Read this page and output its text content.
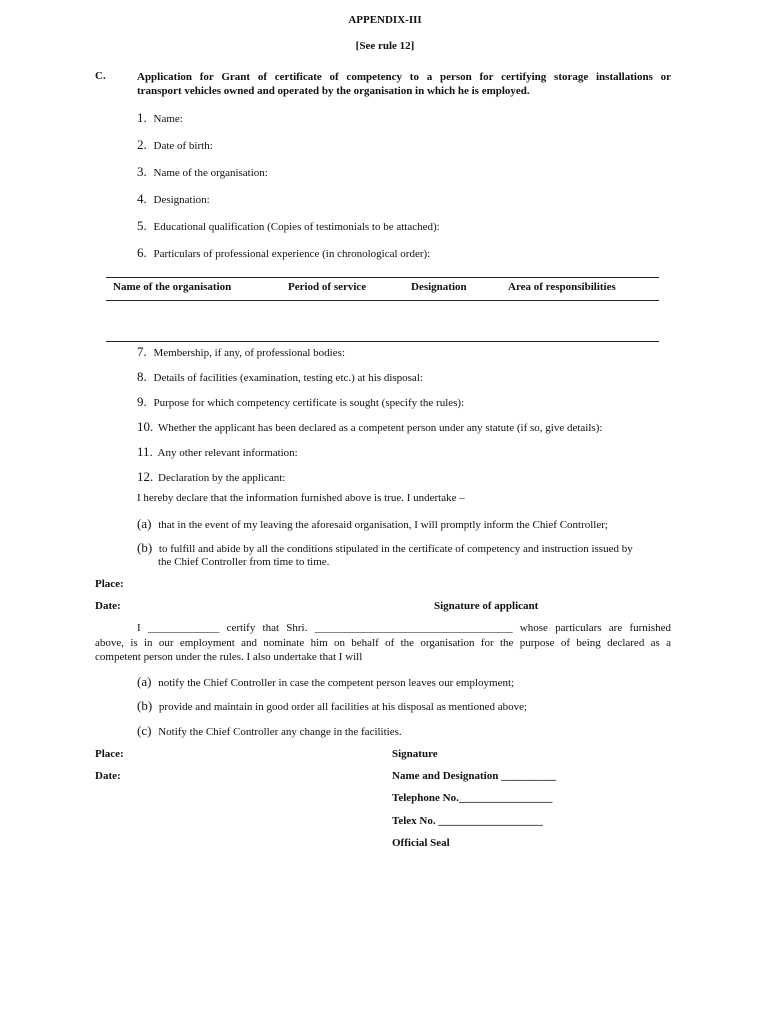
APPENDIX-III
[See rule 12]
C.	Application for Grant of certificate of competency to a person for certifying storage installations or
transport vehicles owned and operated by the organisation in which he is employed.
1. Name:
2. Date of birth:
3. Name of the organisation:
4. Designation:
5. Educational qualification (Copies of testimonials to be attached):
6. Particulars of professional experience (in chronological order):
Name of the organisation	Period of service	Designation	Area of responsibilities
7. Membership, if any, of professional bodies:
8. Details of facilities (examination, testing etc.) at his disposal:
9. Purpose for which competency certificate is sought (specify the rules):
10. Whether the applicant has been declared as a competent person under any statute (if so, give details):
11. Any other relevant information:
12. Declaration by the applicant:
I hereby declare that the information furnished above is true. I undertake –
(a) that in the event of my leaving the aforesaid organisation, I will promptly inform the Chief Controller;
(b) to fulfill and abide by all the conditions stipulated in the certificate of competency and instruction issued by
the Chief Controller from time to time.
Place:
Date:	Signature of applicant
I _____________ certify that Shri. ____________________________________ whose particulars are furnished
above, is in our employment and nominate him on behalf of the organisation for the purpose of being declared as a
competent person under the rules. I also undertake that I will
(a) notify the Chief Controller in case the competent person leaves our employment;
(b) provide and maintain in good order all facilities at his disposal as mentioned above;
(c) Notify the Chief Controller any change in the facilities.
Place:
Date:
Signature
Name and Designation __________
Telephone No._________________
Telex No. ___________________
Official Seal
